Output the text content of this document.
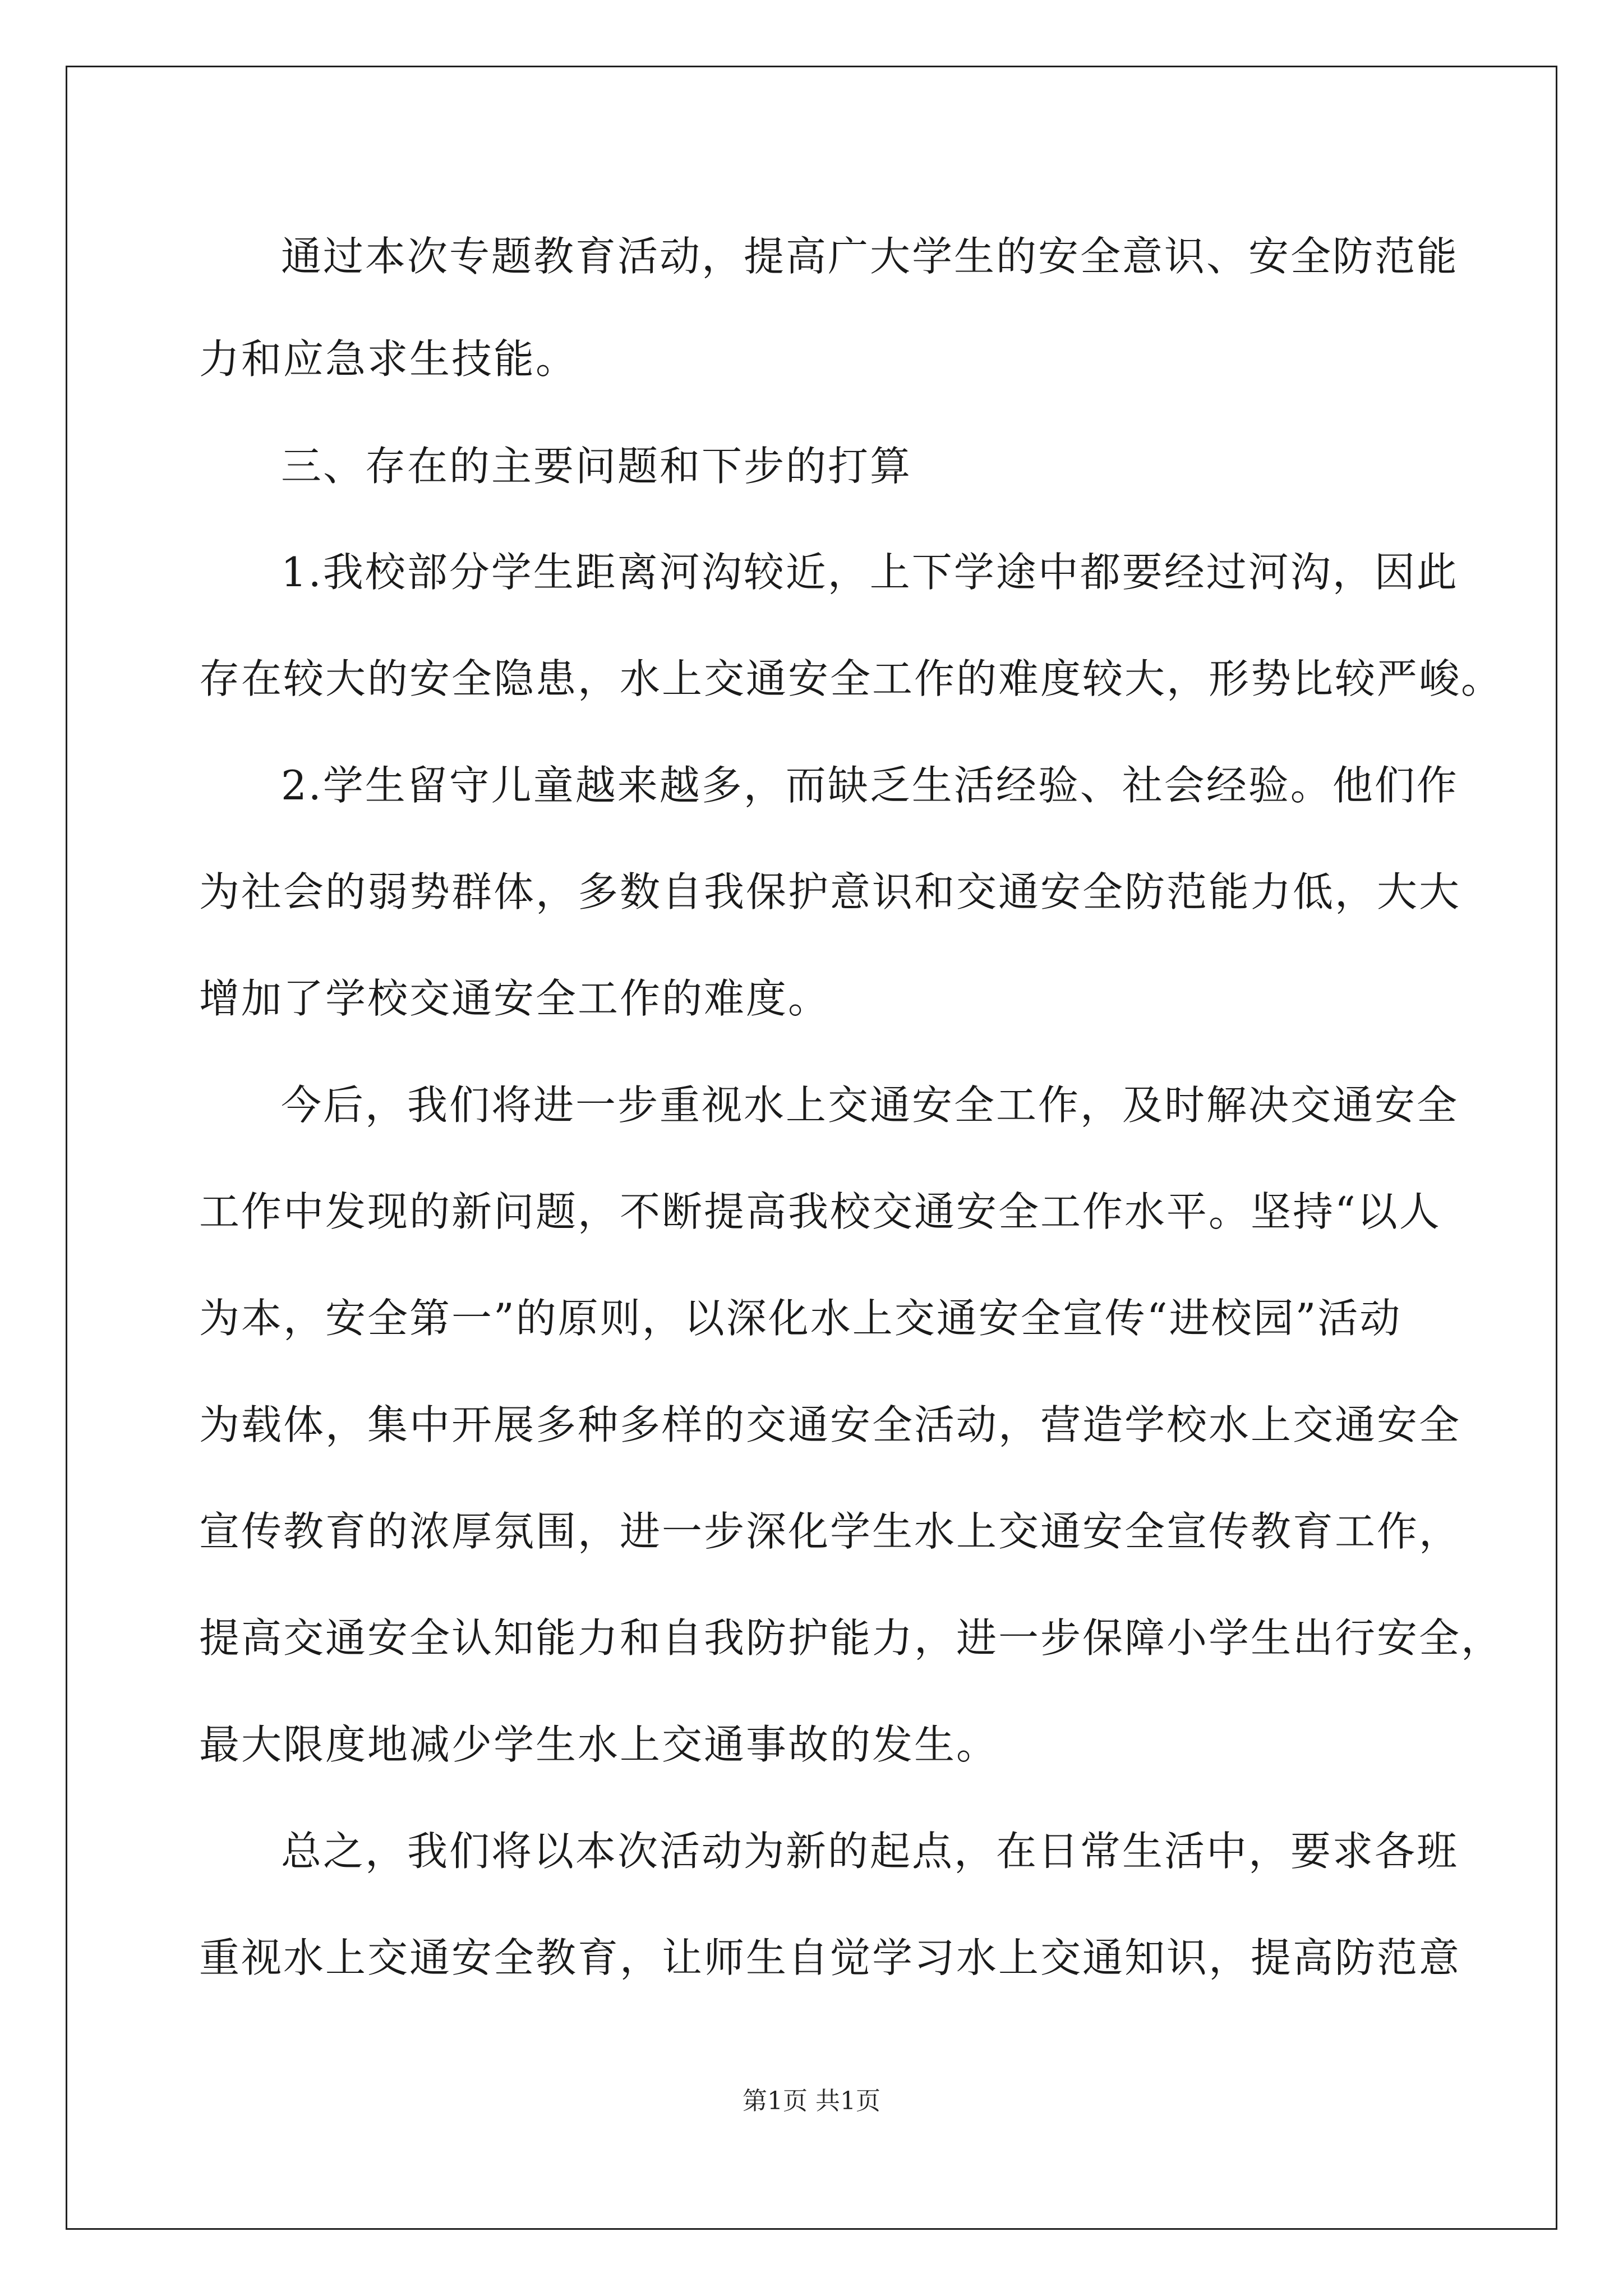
通过本次专题教育活动，提高广大学生的安全意识、安全防范能
力和应急求生技能。
三、存在的主要问题和下步的打算
1.我校部分学生距离河沟较近，上下学途中都要经过河沟，因此
存在较大的安全隐患，水上交通安全工作的难度较大，形势比较严峻。
2.学生留守儿童越来越多，而缺乏生活经验、社会经验。他们作
为社会的弱势群体，多数自我保护意识和交通安全防范能力低，大大
增加了学校交通安全工作的难度。
今后，我们将进一步重视水上交通安全工作，及时解决交通安全
工作中发现的新问题，不断提高我校交通安全工作水平。坚持“以人
为本，安全第一”的原则，以深化水上交通安全宣传“进校园”活动
为载体，集中开展多种多样的交通安全活动，营造学校水上交通安全
宣传教育的浓厚氛围，进一步深化学生水上交通安全宣传教育工作，
提高交通安全认知能力和自我防护能力，进一步保障小学生出行安全，
最大限度地减少学生水上交通事故的发生。
总之，我们将以本次活动为新的起点，在日常生活中，要求各班
重视水上交通安全教育，让师生自觉学习水上交通知识，提高防范意
第1页 共1页
